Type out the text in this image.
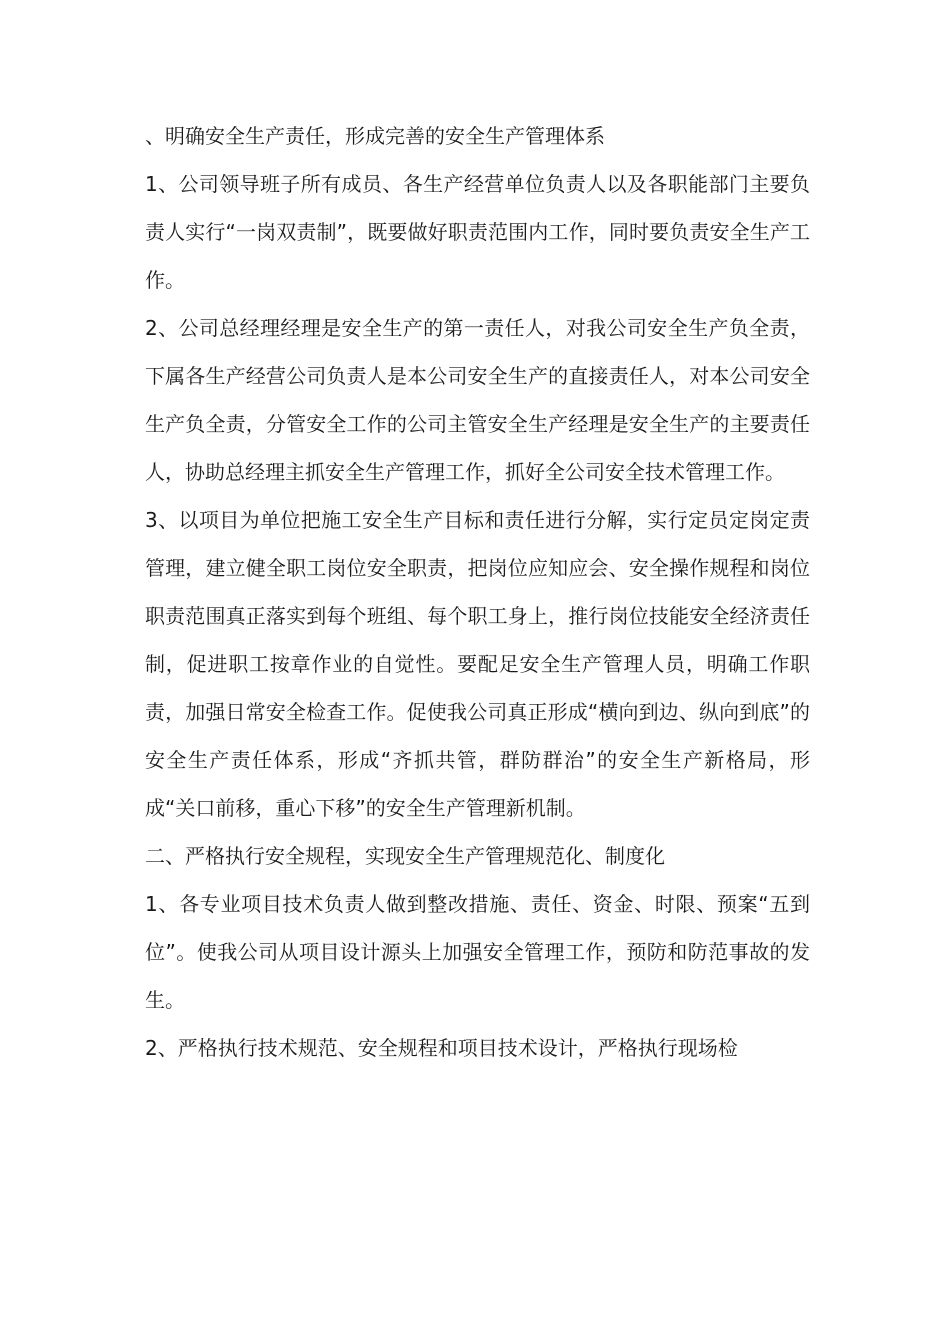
、明确安全生产责任，形成完善的安全生产管理体系

1、公司领导班子所有成员、各生产经营单位负责人以及各职能部门主要负责人实行“一岗双责制”，既要做好职责范围内工作，同时要负责安全生产工作。

2、公司总经理经理是安全生产的第一责任人，对我公司安全生产负全责，下属各生产经营公司负责人是本公司安全生产的直接责任人，对本公司安全生产负全责，分管安全工作的公司主管安全生产经理是安全生产的主要责任人，协助总经理主抓安全生产管理工作，抓好全公司安全技术管理工作。

3、以项目为单位把施工安全生产目标和责任进行分解，实行定员定岗定责管理，建立健全职工岗位安全职责，把岗位应知应会、安全操作规程和岗位职责范围真正落实到每个班组、每个职工身上，推行岗位技能安全经济责任制，促进职工按章作业的自觉性。要配足安全生产管理人员，明确工作职责，加强日常安全检查工作。促使我公司真正形成“横向到边、纵向到底”的安全生产责任体系，形成“齐抓共管，群防群治”的安全生产新格局，形成“关口前移，重心下移”的安全生产管理新机制。

二、严格执行安全规程，实现安全生产管理规范化、制度化

1、各专业项目技术负责人做到整改措施、责任、资金、时限、预案“五到位”。使我公司从项目设计源头上加强安全管理工作，预防和防范事故的发生。

2、严格执行技术规范、安全规程和项目技术设计，严格执行现场检
